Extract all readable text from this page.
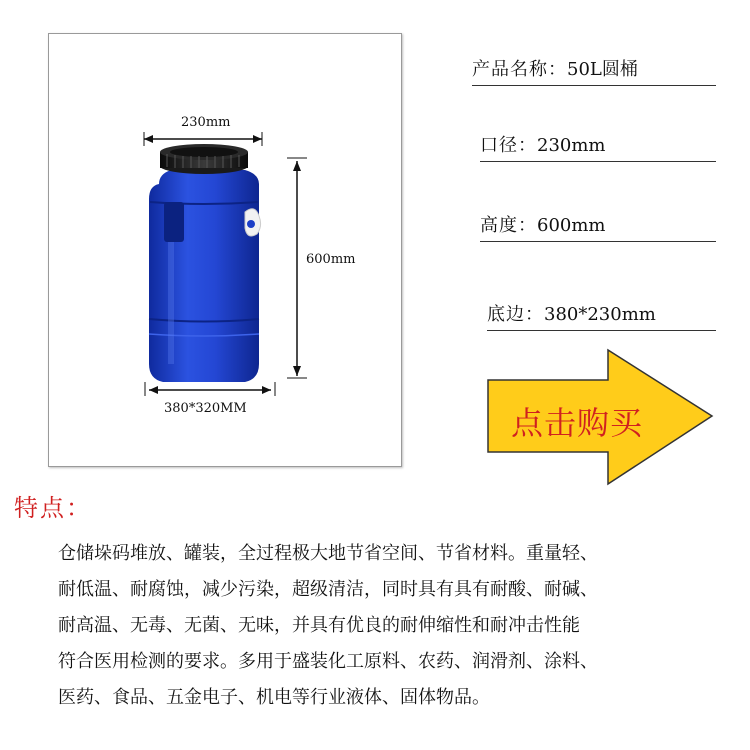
230mm
600mm
380*320MM
产品名称：50L圆桶
口径：230mm
高度：600mm
底边：380*230mm
点击购买
特点：
仓储垛码堆放、罐装，全过程极大地节省空间、节省材料。重量轻、
耐低温、耐腐蚀，减少污染，超级清洁，同时具有具有耐酸、耐碱、
耐高温、无毒、无菌、无味，并具有优良的耐伸缩性和耐冲击性能
符合医用检测的要求。多用于盛装化工原料、农药、润滑剂、涂料、
医药、食品、五金电子、机电等行业液体、固体物品。
